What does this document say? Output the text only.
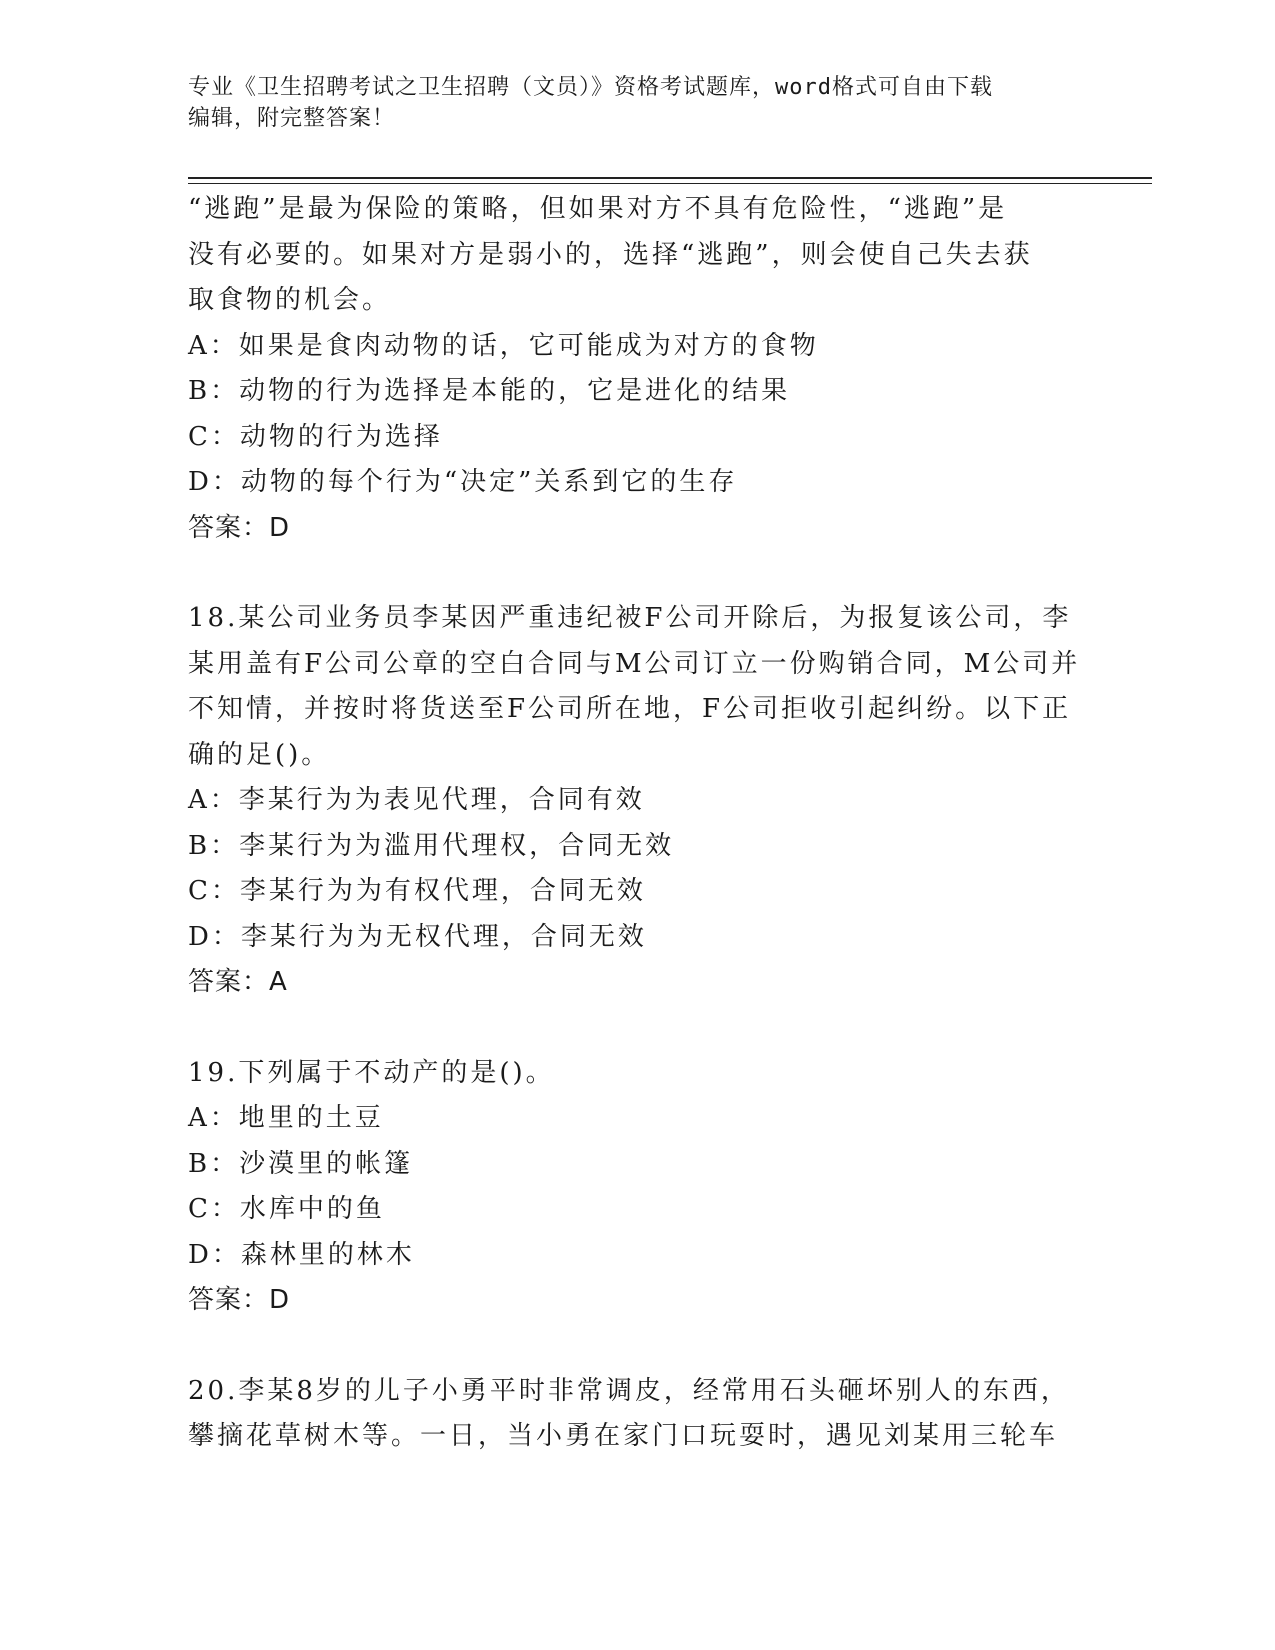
专业《卫生招聘考试之卫生招聘（文员）》资格考试题库，word格式可自由下载
编辑，附完整答案！

“逃跑”是最为保险的策略，但如果对方不具有危险性，“逃跑”是

没有必要的。如果对方是弱小的，选择“逃跑”，则会使自己失去获

取食物的机会。

A：如果是食肉动物的话，它可能成为对方的食物

B：动物的行为选择是本能的，它是进化的结果

C：动物的行为选择

D：动物的每个行为“决定”关系到它的生存

答案：D

18.某公司业务员李某因严重违纪被F公司开除后，为报复该公司，李

某用盖有F公司公章的空白合同与M公司订立一份购销合同，M公司并

不知情，并按时将货送至F公司所在地，F公司拒收引起纠纷。以下正

确的足()。

A：李某行为为表见代理，合同有效

B：李某行为为滥用代理权，合同无效

C：李某行为为有权代理，合同无效

D：李某行为为无权代理，合同无效

答案：A

19.下列属于不动产的是()。

A：地里的土豆

B：沙漠里的帐篷

C：水库中的鱼

D：森林里的林木

答案：D

20.李某8岁的儿子小勇平时非常调皮，经常用石头砸坏别人的东西，

攀摘花草树木等。一日，当小勇在家门口玩耍时，遇见刘某用三轮车
